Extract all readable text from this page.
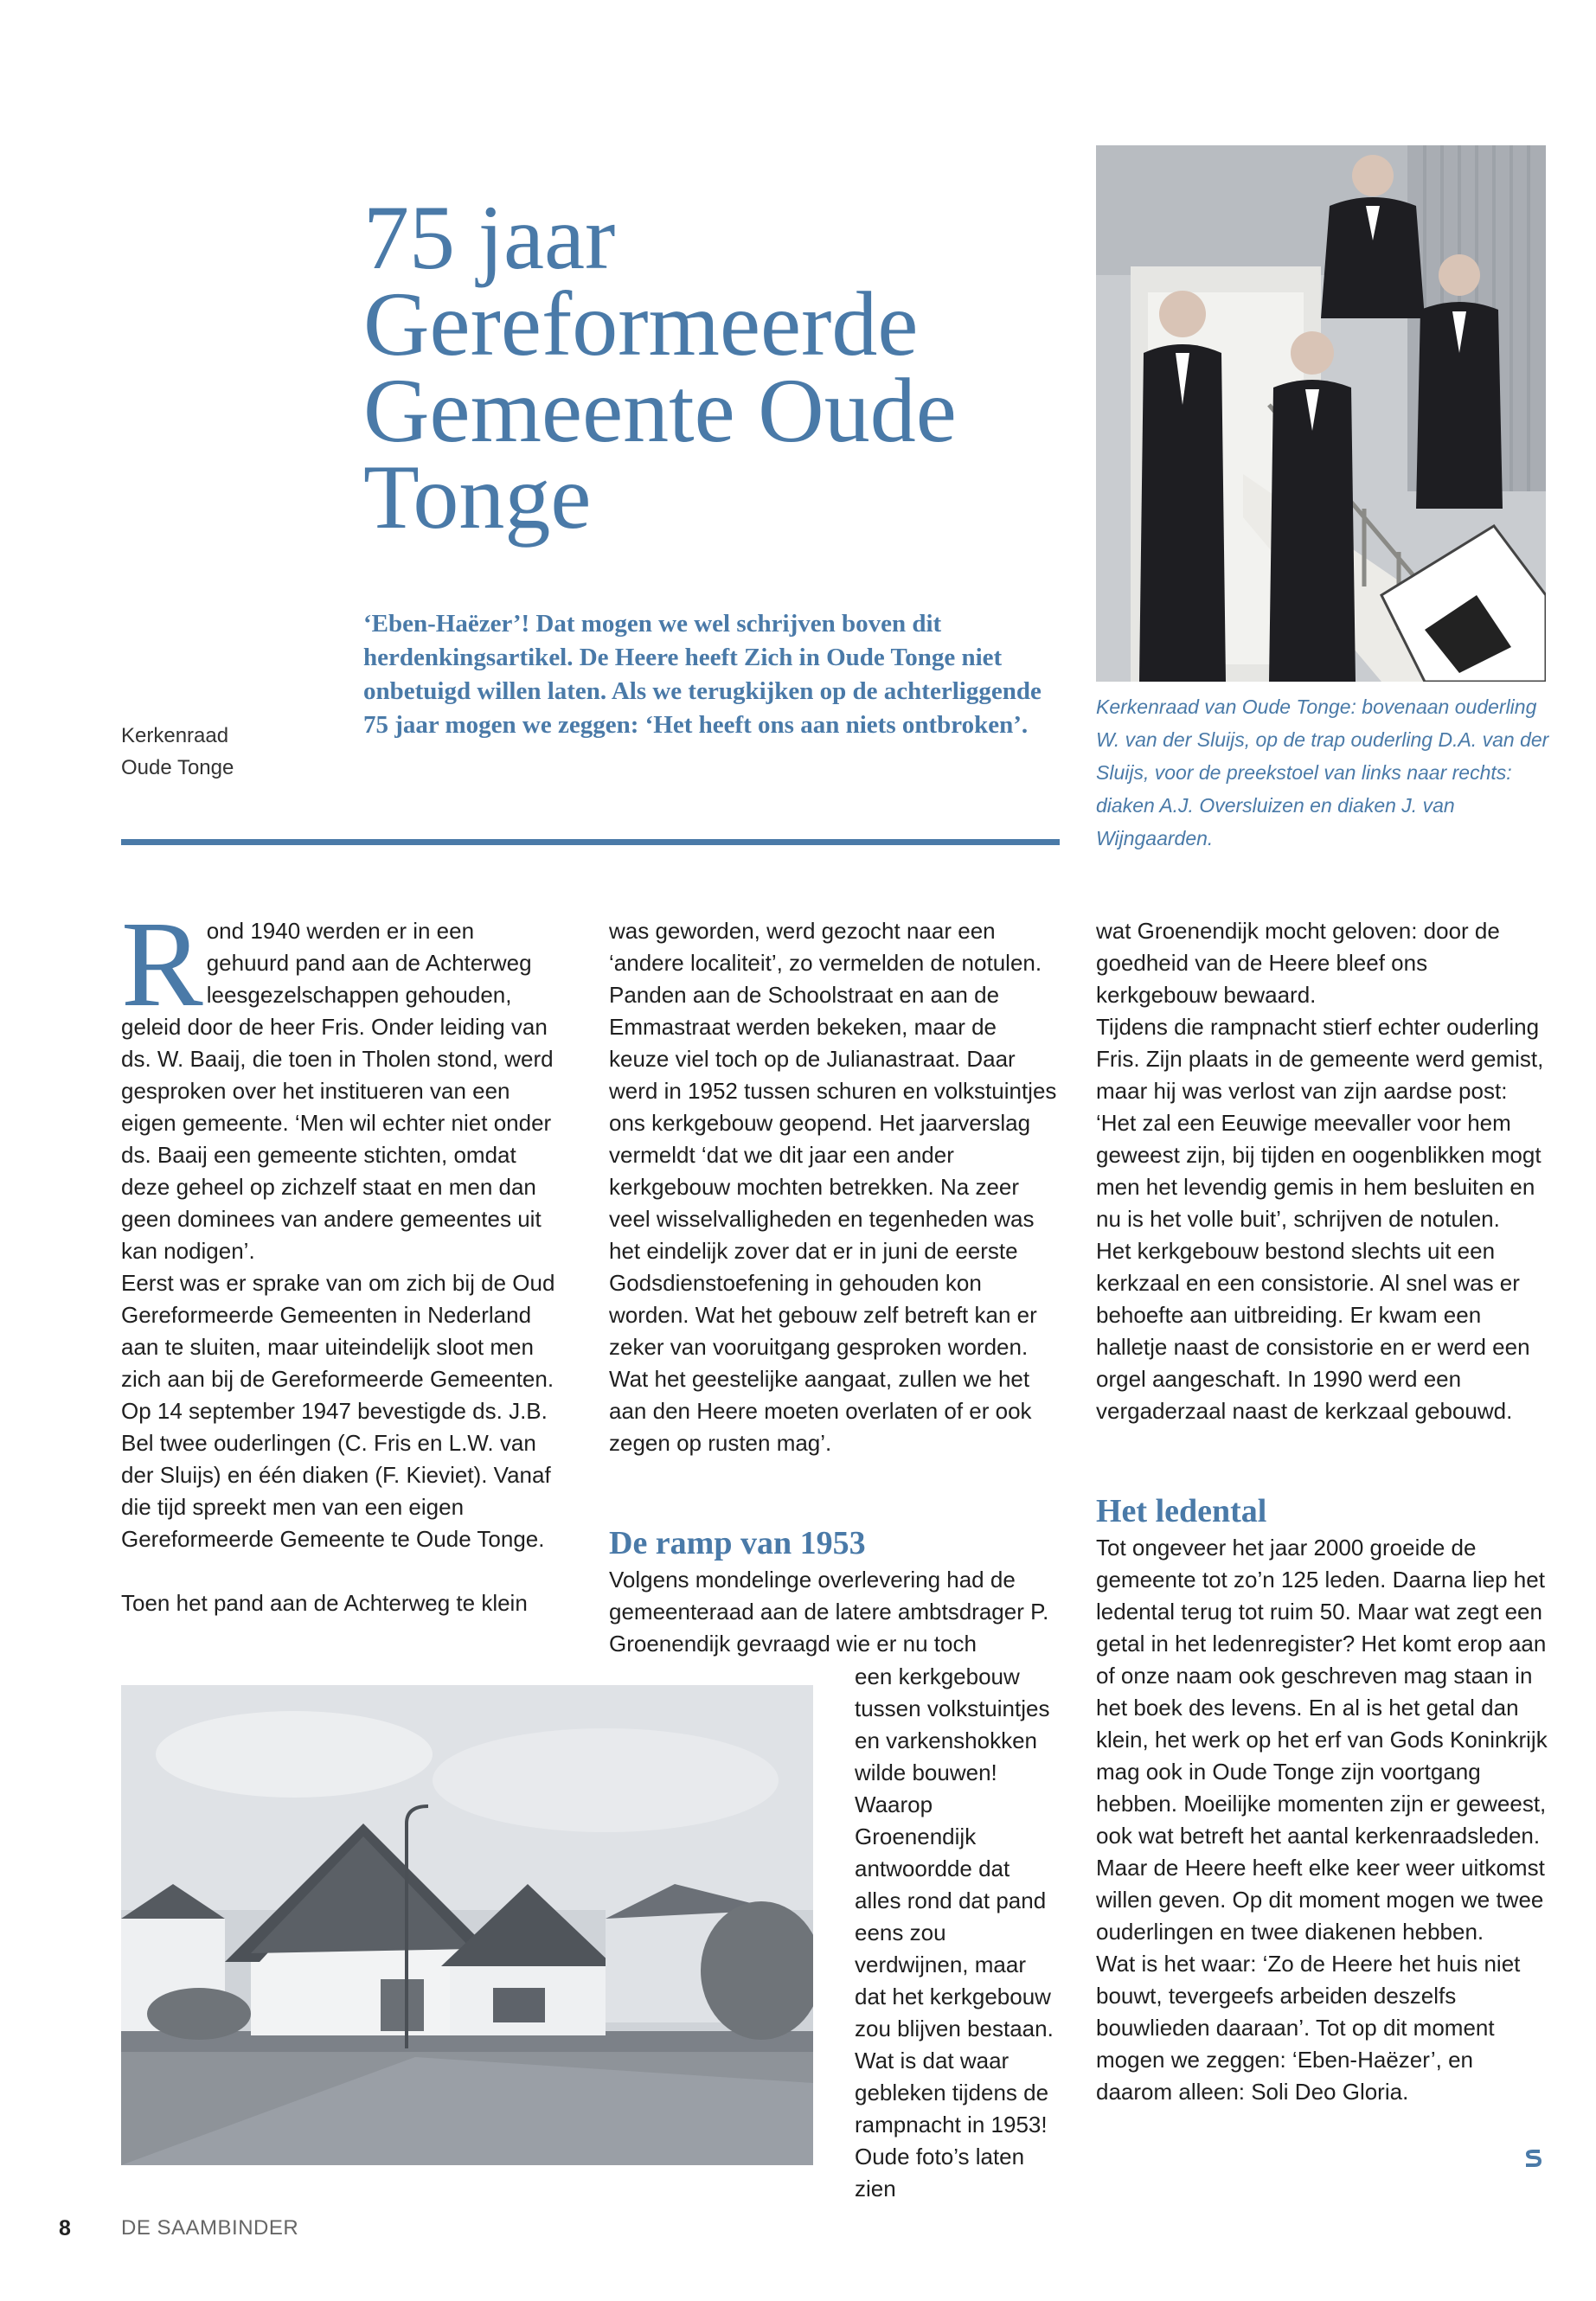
75 jaar
Gereformeerde
Gemeente Oude
Tonge
‘Eben-Haëzer’! Dat mogen we wel schrijven boven dit herdenkingsartikel. De Heere heeft Zich in Oude Tonge niet onbetuigd willen laten. Als we terugkijken op de achterliggende 75 jaar mogen we zeggen: ‘Het heeft ons aan niets ontbroken’.
Kerkenraad
Oude Tonge
Kerkenraad van Oude Tonge: bovenaan ouderling W. van der Sluijs, op de trap ouderling D.A. van der Sluijs, voor de preekstoel van links naar rechts: diaken A.J. Oversluizen en diaken J. van Wijngaarden.

Rond 1940 werden er in een gehuurd pand aan de Achterweg leesgezelschappen gehouden, geleid door de heer Fris. Onder leiding van ds. W. Baaij, die toen in Tholen stond, werd gesproken over het instituеren van een eigen gemeente. ‘Men wil echter niet onder ds. Baaij een gemeente stichten, omdat deze geheel op zichzelf staat en men dan geen dominees van andere gemeentes uit kan nodigen’.

Eerst was er sprake van om zich bij de Oud Gereformeerde Gemeenten in Nederland aan te sluiten, maar uiteindelijk sloot men zich aan bij de Gereformeerde Gemeenten. Op 14 september 1947 bevestigde ds. J.B. Bel twee ouderlingen (C. Fris en L.W. van der Sluijs) en één diaken (F. Kieviet). Vanaf die tijd spreekt men van een eigen Gereformeerde Gemeente te Oude Tonge.

Toen het pand aan de Achterweg te klein

was geworden, werd gezocht naar een ‘andere localiteit’, zo vermelden de notulen. Panden aan de Schoolstraat en aan de Emmastraat werden bekeken, maar de keuze viel toch op de Julianastraat. Daar werd in 1952 tussen schuren en volkstuintjes ons kerkgebouw geopend. Het jaarverslag vermeldt ‘dat we dit jaar een ander kerkgebouw mochten betrekken. Na zeer veel wisselvalligheden en tegenheden was het eindelijk zover dat er in juni de eerste Godsdienstoefening in gehouden kon worden. Wat het gebouw zelf betreft kan er zeker van vooruitgang gesproken worden. Wat het geestelijke aangaat, zullen we het aan den Heere moeten overlaten of er ook zegen op rusten mag’.

De ramp van 1953

Volgens mondelinge overlevering had de gemeenteraad aan de latere ambtsdrager P. Groenendijk gevraagd wie er nu toch

een kerkgebouw tussen volkstuintjes en varkenshokken wilde bouwen! Waarop Groenendijk antwoordde dat alles rond dat pand eens zou verdwijnen, maar dat het kerkgebouw zou blijven bestaan. Wat is dat waar gebleken tijdens de rampnacht in 1953! Oude foto’s laten zien

wat Groenendijk mocht geloven: door de goedheid van de Heere bleef ons kerkgebouw bewaard.

Tijdens die rampnacht stierf echter ouderling Fris. Zijn plaats in de gemeente werd gemist, maar hij was verlost van zijn aardse post: ‘Het zal een Eeuwige meevaller voor hem geweest zijn, bij tijden en oogenblikken mogt men het levendig gemis in hem besluiten en nu is het volle buit’, schrijven de notulen.

Het kerkgebouw bestond slechts uit een kerkzaal en een consistorie. Al snel was er behoefte aan uitbreiding. Er kwam een halletje naast de consistorie en er werd een orgel aangeschaft. In 1990 werd een vergaderzaal naast de kerkzaal gebouwd.

Het ledental

Tot ongeveer het jaar 2000 groeide de gemeente tot zo’n 125 leden. Daarna liep het ledental terug tot ruim 50. Maar wat zegt een getal in het ledenregister? Het komt erop aan of onze naam ook geschreven mag staan in het boek des levens. En al is het getal dan klein, het werk op het erf van Gods Koninkrijk mag ook in Oude Tonge zijn voortgang hebben. Moeilijke momenten zijn er geweest, ook wat betreft het aantal kerkenraadsleden. Maar de Heere heeft elke keer weer uitkomst willen geven. Op dit moment mogen we twee ouderlingen en twee diakenen hebben.

Wat is het waar: ‘Zo de Heere het huis niet bouwt, tevergeefs arbeiden deszelfs bouwlieden daaraan’. Tot op dit moment mogen we zeggen: ‘Eben-Haëzer’, en daarom alleen: Soli Deo Gloria.

8 DE SAAMBINDER
